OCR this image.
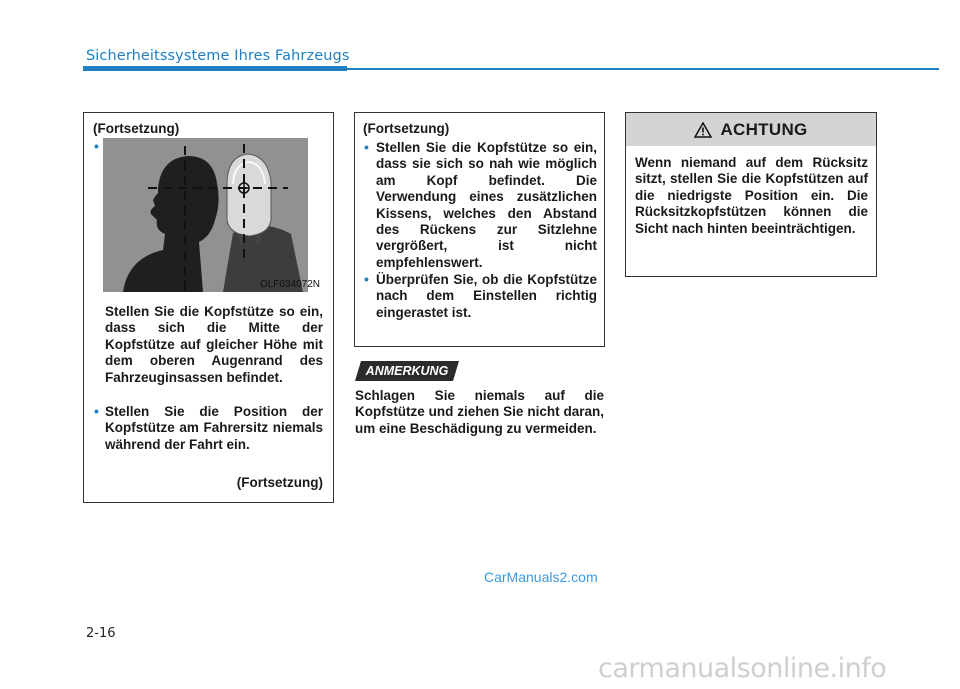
Sicherheitssysteme Ihres Fahrzeugs
(Fortsetzung)
•
OLF034072N
Stellen Sie die Kopfstütze so ein, dass sich die Mitte der Kopfstütze auf gleicher Höhe mit dem oberen Augenrand des Fahrzeuginsassen befindet.
• Stellen Sie die Position der Kopfstütze am Fahrersitz niemals während der Fahrt ein.
(Fortsetzung)
(Fortsetzung)
• Stellen Sie die Kopfstütze so ein, dass sie sich so nah wie möglich am Kopf befindet. Die Verwendung eines zusätzlichen Kissens, welches den Abstand des Rückens zur Sitzlehne vergrößert, ist nicht empfehlenswert.
• Überprüfen Sie, ob die Kopfstütze nach dem Einstellen richtig eingerastet ist.
ANMERKUNG
Schlagen Sie niemals auf die Kopfstütze und ziehen Sie nicht daran, um eine Beschädigung zu vermeiden.
ACHTUNG
Wenn niemand auf dem Rücksitz sitzt, stellen Sie die Kopfstützen auf die niedrigste Position ein. Die Rücksitzkopfstützen können die Sicht nach hinten beeinträchtigen.
CarManuals2.com
2-16
carmanualsonline.info
